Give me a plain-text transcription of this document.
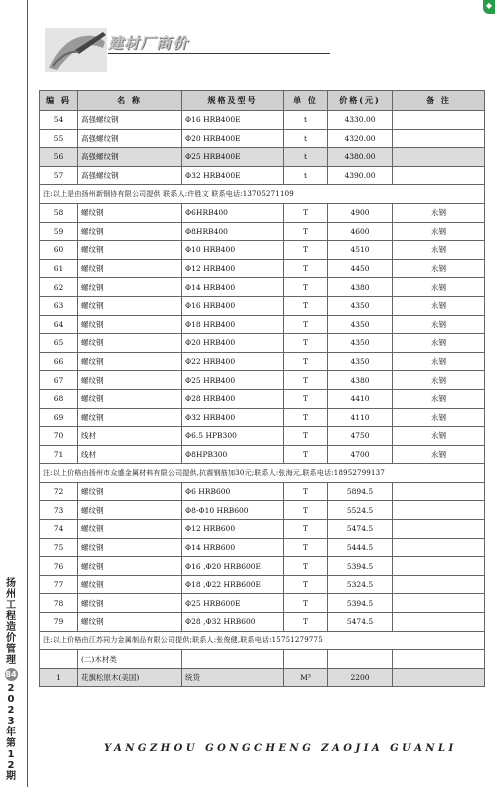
◆
扬
州
工
程
造
价
管
理
84
2
0
2
3
年
第
1
2
期
建材厂商价
编 码	名 称	规格及型号	单 位	价格(元)	备 注
54	高强螺纹钢	Φ16 HRB400E	t	4330.00	
55	高强螺纹钢	Φ20 HRB400E	t	4320.00	
56	高强螺纹钢	Φ25 HRB400E	t	4380.00	
57	高强螺纹钢	Φ32 HRB400E	t	4390.00	
注:以上是由扬州新钢协有限公司提供 联系人:许胜文 联系电话:13705271109					
58	螺纹钢	Φ6HRB400	T	4900	永钢
59	螺纹钢	Φ8HRB400	T	4600	永钢
60	螺纹钢	Φ10 HRB400	T	4510	永钢
61	螺纹钢	Φ12 HRB400	T	4450	永钢
62	螺纹钢	Φ14 HRB400	T	4380	永钢
63	螺纹钢	Φ16 HRB400	T	4350	永钢
64	螺纹钢	Φ18 HRB400	T	4350	永钢
65	螺纹钢	Φ20 HRB400	T	4350	永钢
66	螺纹钢	Φ22 HRB400	T	4350	永钢
67	螺纹钢	Φ25 HRB400	T	4380	永钢
68	螺纹钢	Φ28 HRB400	T	4410	永钢
69	螺纹钢	Φ32 HRB400	T	4110	永钢
70	线材	Φ6.5 HPB300	T	4750	永钢
71	线材	Φ8HPB300	T	4700	永钢
注:以上价格由扬州市众盛金属材料有限公司提供,抗震钢筋加30元;联系人:张海元,联系电话:18952799137					
72	螺纹钢	Φ6 HRB600	T	5894.5	
73	螺纹钢	Φ8-Φ10 HRB600	T	5524.5	
74	螺纹钢	Φ12 HRB600	T	5474.5	
75	螺纹钢	Φ14 HRB600	T	5444.5	
76	螺纹钢	Φ16 ,Φ20 HRB600E	T	5394.5	
77	螺纹钢	Φ18 ,Φ22 HRB600E	T	5324.5	
78	螺纹钢	Φ25 HRB600E	T	5394.5	
79	螺纹钢	Φ28 ,Φ32 HRB600	T	5474.5	
注:以上价格由江苏同力金属制品有限公司提供;联系人:张俊健,联系电话:15751279775					
	(二)木材类				
1	花旗松原木(美国)	统货	M³	2200	
YANGZHOU GONGCHENG ZAOJIA GUANLI
